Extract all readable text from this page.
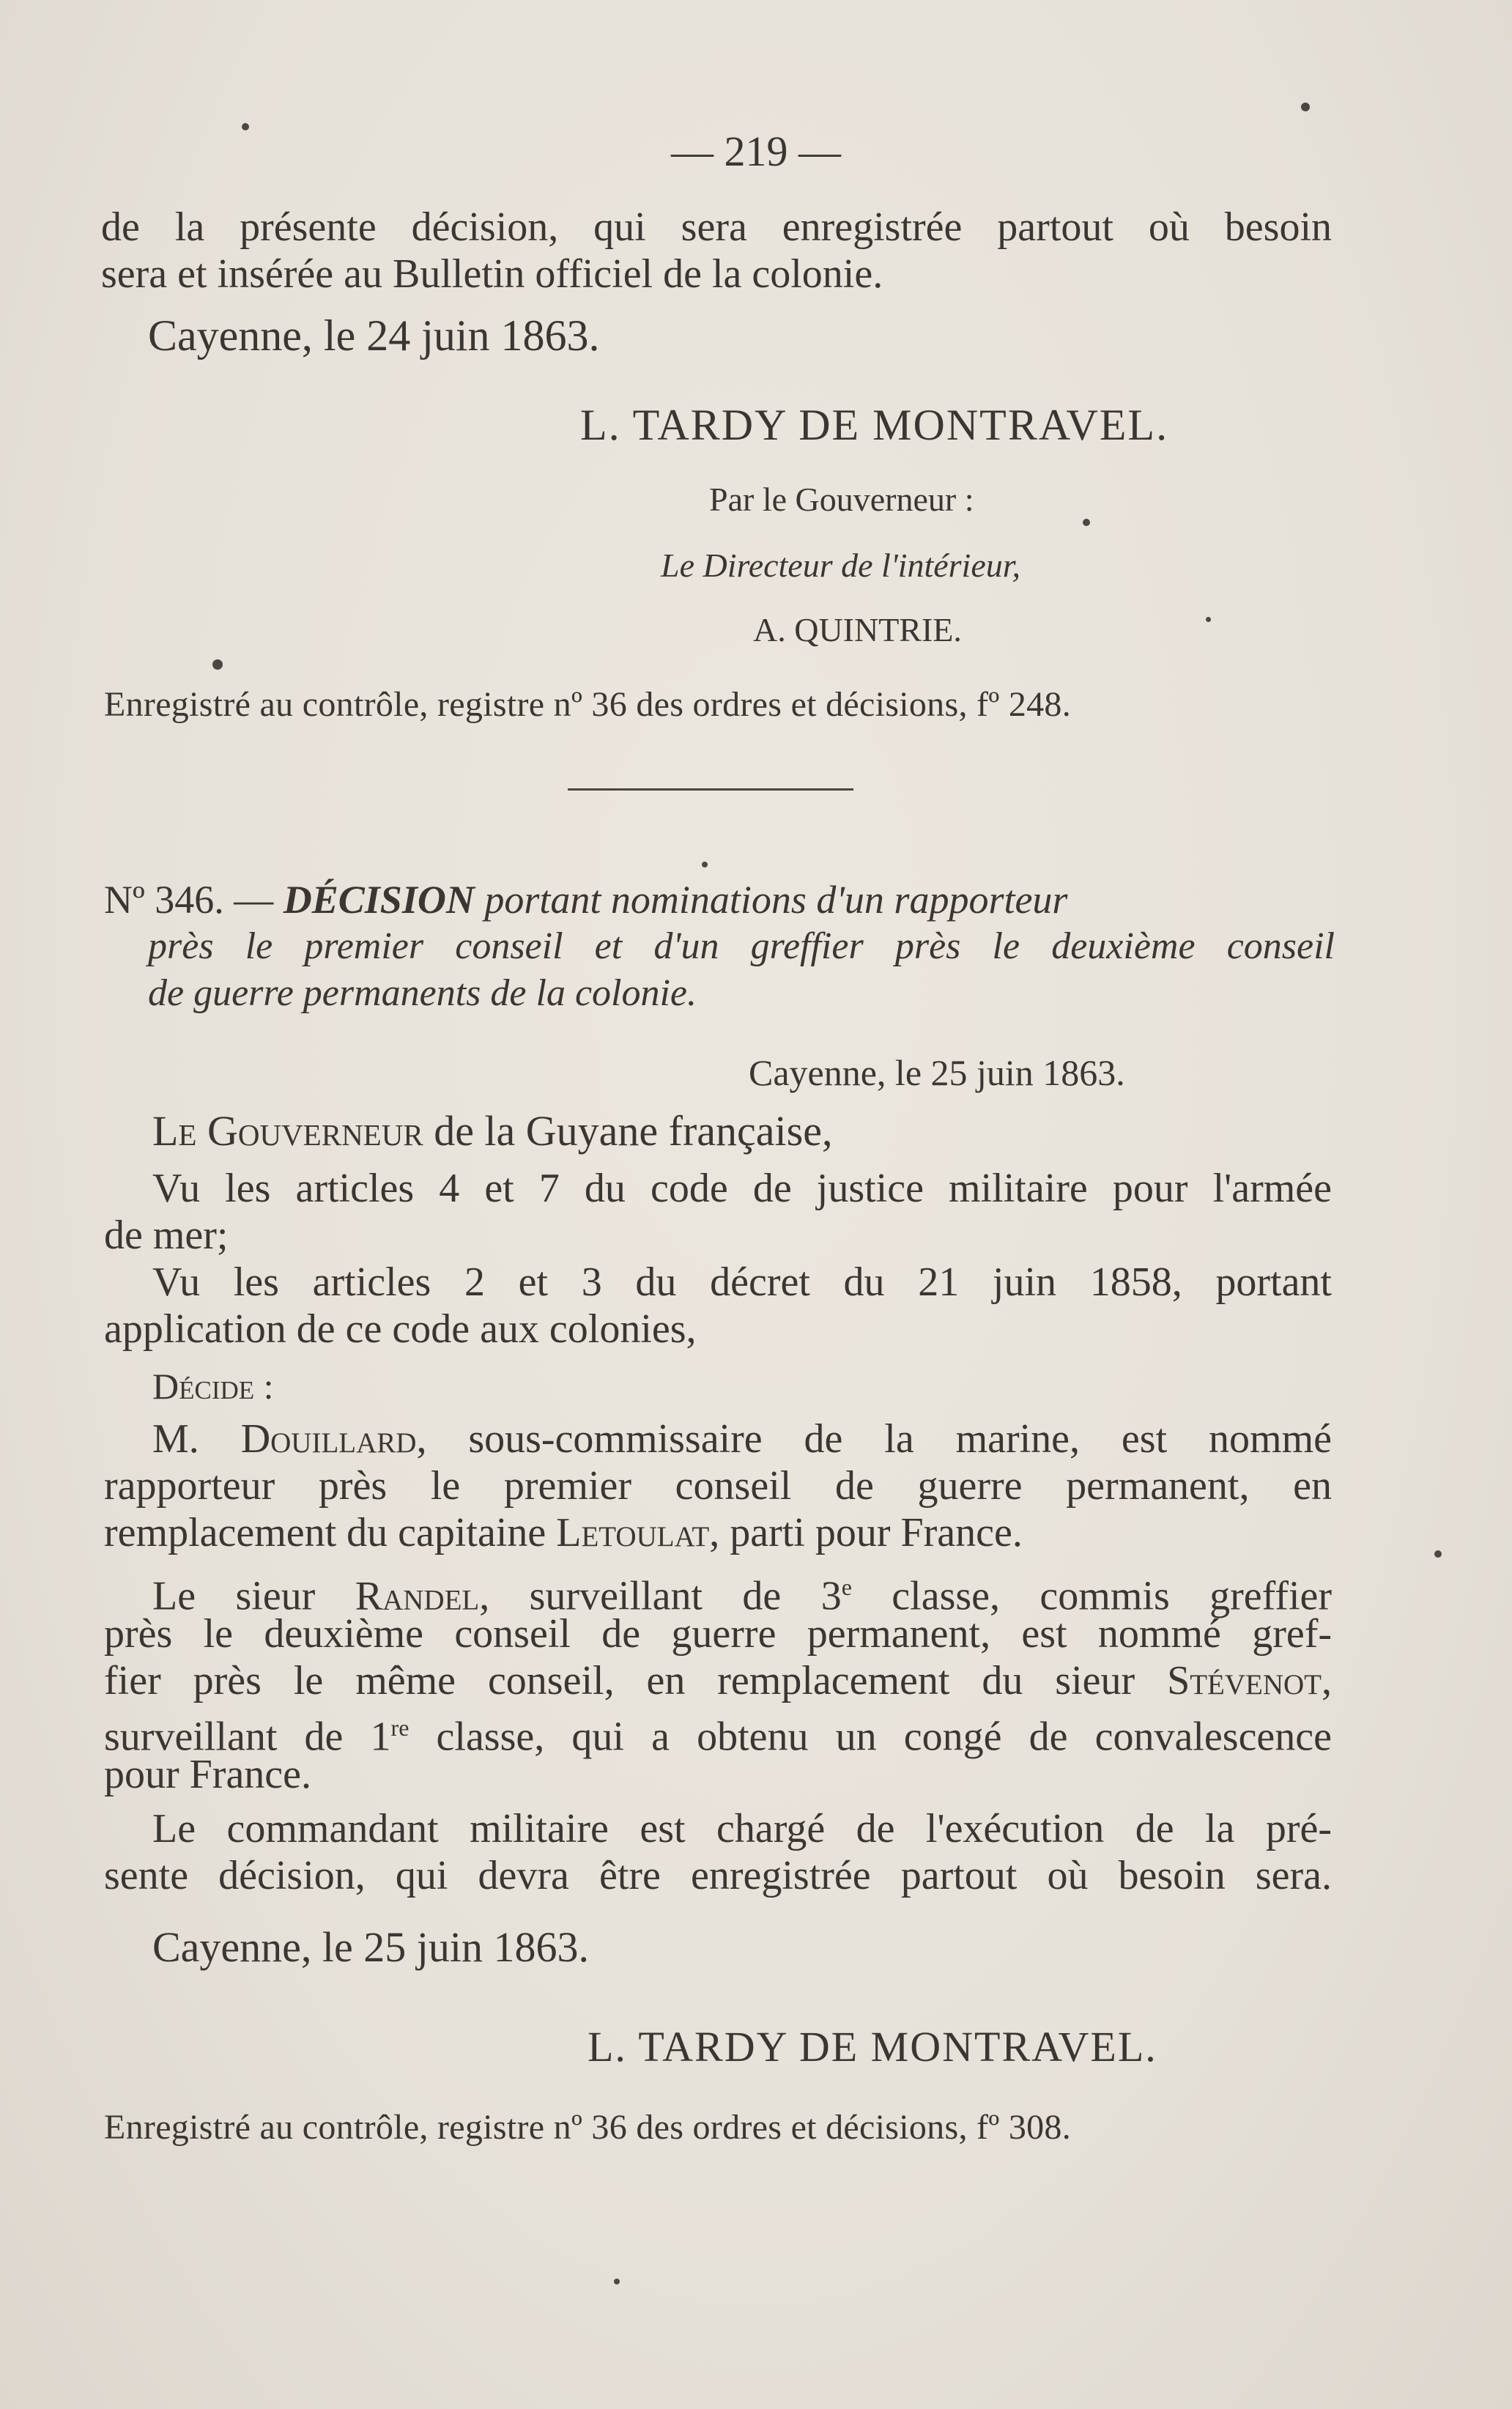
— 219 —
de la présente décision, qui sera enregistrée partout où besoin
sera et insérée au Bulletin officiel de la colonie.
Cayenne, le 24 juin 1863.
L. TARDY DE MONTRAVEL.
Par le Gouverneur :
Le Directeur de l'intérieur,
A. QUINTRIE.
Enregistré au contrôle, registre nº 36 des ordres et décisions, fº 248.
Nº 346. — DÉCISION portant nominations d'un rapporteur
près le premier conseil et d'un greffier près le deuxième conseil
de guerre permanents de la colonie.
Cayenne, le 25 juin 1863.
Le Gouverneur de la Guyane française,
Vu les articles 4 et 7 du code de justice militaire pour l'armée
de mer;
Vu les articles 2 et 3 du décret du 21 juin 1858, portant
application de ce code aux colonies,
Décide :
M. Douillard, sous-commissaire de la marine, est nommé
rapporteur près le premier conseil de guerre permanent, en
remplacement du capitaine Letoulat, parti pour France.
Le sieur Randel, surveillant de 3e classe, commis greffier
près le deuxième conseil de guerre permanent, est nommé gref-
fier près le même conseil, en remplacement du sieur Stévenot,
surveillant de 1re classe, qui a obtenu un congé de convalescence
pour France.
Le commandant militaire est chargé de l'exécution de la pré-
sente décision, qui devra être enregistrée partout où besoin sera.
Cayenne, le 25 juin 1863.
L. TARDY DE MONTRAVEL.
Enregistré au contrôle, registre nº 36 des ordres et décisions, fº 308.
